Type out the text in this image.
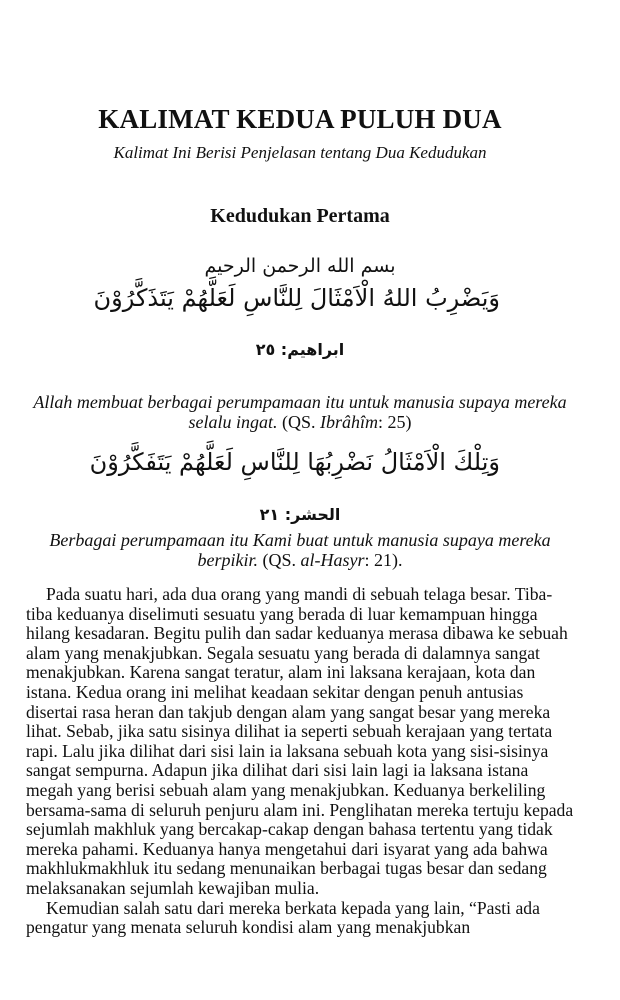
KALIMAT KEDUA PULUH DUA
Kalimat Ini Berisi Penjelasan tentang Dua Kedudukan
Kedudukan Pertama
بسم الله الرحمن الرحيم
وَيَضْرِبُ اللهُ الْاَمْثَالَ لِلنَّاسِ لَعَلَّهُمْ يَتَذَكَّرُوْنَ
ابراهيم: ٢٥
Allah membuat berbagai perumpamaan itu untuk manusia supaya mereka selalu ingat. (QS. Ibrâhîm: 25)
وَتِلْكَ الْاَمْثَالُ نَضْرِبُهَا لِلنَّاسِ لَعَلَّهُمْ يَتَفَكَّرُوْنَ
الحشر: ٢١
Berbagai perumpamaan itu Kami buat untuk manusia supaya mereka berpikir. (QS. al-Hasyr: 21).

Pada suatu hari, ada dua orang yang mandi di sebuah telaga besar. Tiba-tiba keduanya diselimuti sesuatu yang berada di luar kemampuan hingga hilang kesadaran. Begitu pulih dan sadar keduanya merasa dibawa ke sebuah alam yang menakjubkan. Segala sesuatu yang berada di dalamnya sangat menakjubkan. Karena sangat teratur, alam ini laksana kerajaan, kota dan istana. Kedua orang ini melihat keadaan sekitar dengan penuh antusias disertai rasa heran dan takjub dengan alam yang sangat besar yang mereka lihat. Sebab, jika satu sisinya dilihat ia seperti sebuah kerajaan yang tertata rapi. Lalu jika dilihat dari sisi lain ia laksana sebuah kota yang sisi-sisinya sangat sempurna. Adapun jika dilihat dari sisi lain lagi ia laksana istana megah yang berisi sebuah alam yang menakjubkan. Keduanya berkeliling bersama-sama di seluruh penjuru alam ini. Penglihatan mereka tertuju kepada sejumlah makhluk yang bercakap-cakap dengan bahasa tertentu yang tidak mereka pahami. Keduanya hanya mengetahui dari isyarat yang ada bahwa makhlukmakhluk itu sedang menunaikan berbagai tugas besar dan sedang melaksanakan sejumlah kewajiban mulia.

Kemudian salah satu dari mereka berkata kepada yang lain, “Pasti ada pengatur yang menata seluruh kondisi alam yang menakjubkan
